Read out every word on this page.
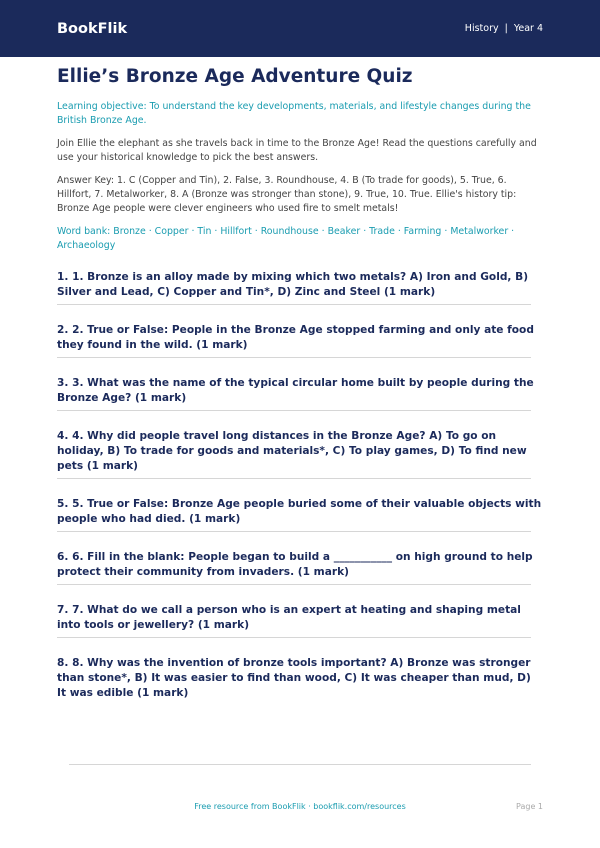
BookFlik	History | Year 4
Ellie’s Bronze Age Adventure Quiz
Learning objective: To understand the key developments, materials, and lifestyle changes during the British Bronze Age.
Join Ellie the elephant as she travels back in time to the Bronze Age! Read the questions carefully and use your historical knowledge to pick the best answers.
Answer Key: 1. C (Copper and Tin), 2. False, 3. Roundhouse, 4. B (To trade for goods), 5. True, 6. Hillfort, 7. Metalworker, 8. A (Bronze was stronger than stone), 9. True, 10. True. Ellie's history tip: Bronze Age people were clever engineers who used fire to smelt metals!
Word bank: Bronze · Copper · Tin · Hillfort · Roundhouse · Beaker · Trade · Farming · Metalworker · Archaeology
1. 1. Bronze is an alloy made by mixing which two metals? A) Iron and Gold, B) Silver and Lead, C) Copper and Tin*, D) Zinc and Steel (1 mark)
2. 2. True or False: People in the Bronze Age stopped farming and only ate food they found in the wild. (1 mark)
3. 3. What was the name of the typical circular home built by people during the Bronze Age? (1 mark)
4. 4. Why did people travel long distances in the Bronze Age? A) To go on holiday, B) To trade for goods and materials*, C) To play games, D) To find new pets (1 mark)
5. 5. True or False: Bronze Age people buried some of their valuable objects with people who had died. (1 mark)
6. 6. Fill in the blank: People began to build a ___________ on high ground to help protect their community from invaders. (1 mark)
7. 7. What do we call a person who is an expert at heating and shaping metal into tools or jewellery? (1 mark)
8. 8. Why was the invention of bronze tools important? A) Bronze was stronger than stone*, B) It was easier to find than wood, C) It was cheaper than mud, D) It was edible (1 mark)
Free resource from BookFlik · bookflik.com/resources	Page 1
